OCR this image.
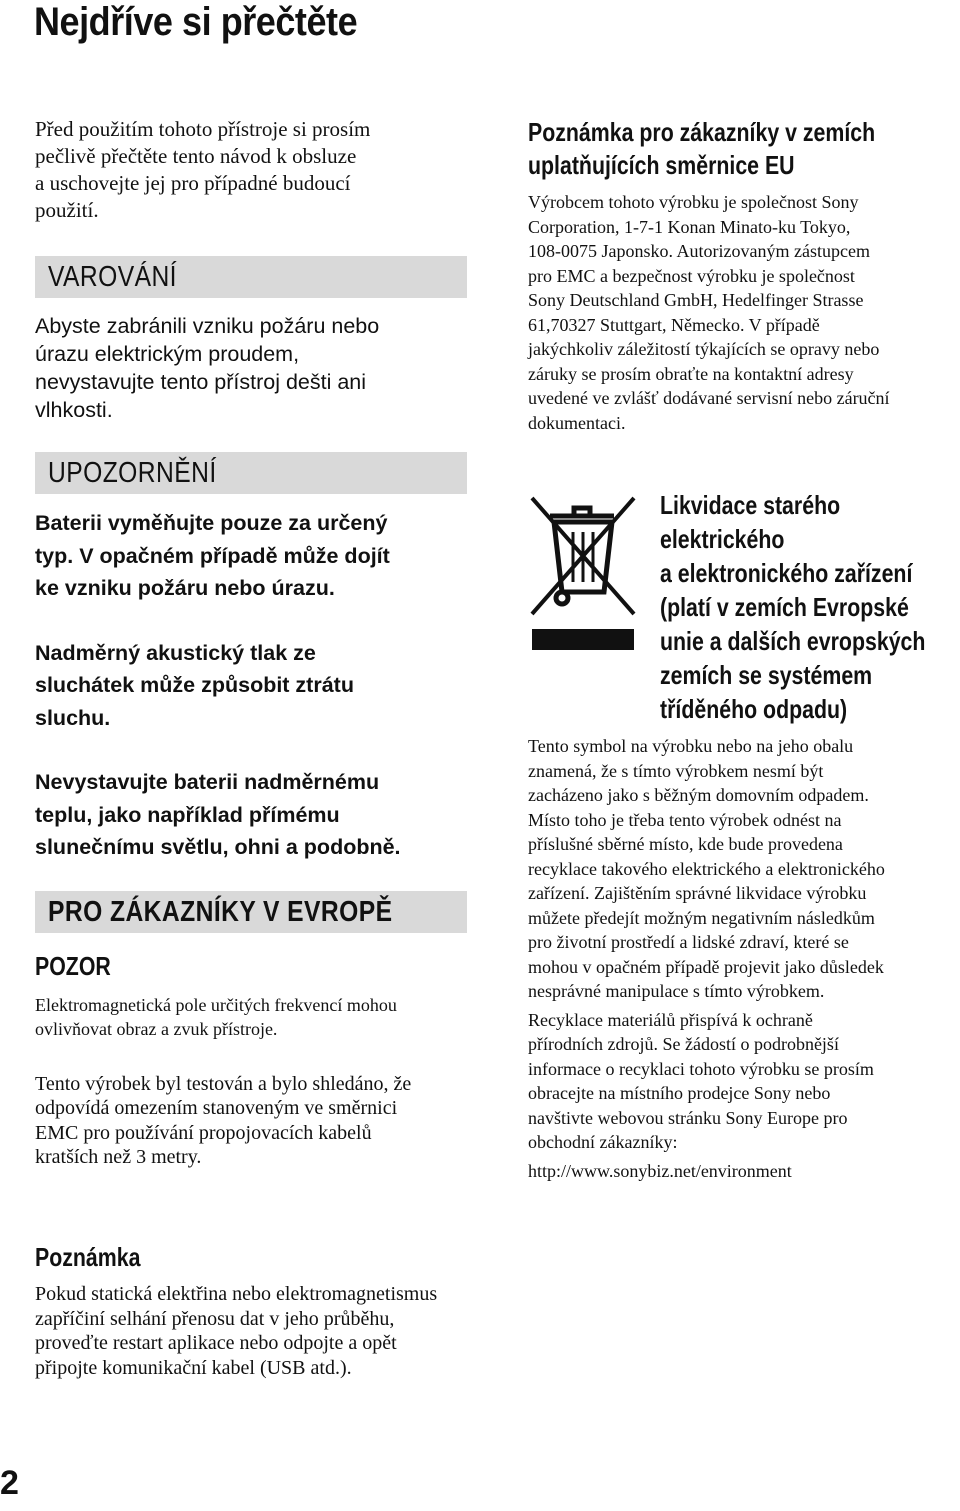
Nejdříve si přečtěte
Před použitím tohoto přístroje si prosím
pečlivě přečtěte tento návod k obsluze
a uschovejte jej pro případné budoucí
použití.
VAROVÁNÍ
Abyste zabránili vzniku požáru nebo
úrazu elektrickým proudem,
nevystavujte tento přístroj dešti ani
vlhkosti.
UPOZORNĚNÍ
Baterii vyměňujte pouze za určený
typ. V opačném případě může dojít
ke vzniku požáru nebo úrazu.
Nadměrný akustický tlak ze
sluchátek může způsobit ztrátu
sluchu.
Nevystavujte baterii nadměrnému
teplu, jako například přímému
slunečnímu světlu, ohni a podobně.
PRO ZÁKAZNÍKY V EVROPĚ
POZOR
Elektromagnetická pole určitých frekvencí mohou
ovlivňovat obraz a zvuk přístroje.
Tento výrobek byl testován a bylo shledáno, že
odpovídá omezením stanoveným ve směrnici
EMC pro používání propojovacích kabelů
kratších než 3 metry.
Poznámka
Pokud statická elektřina nebo elektromagnetismus
zapříčiní selhání přenosu dat v jeho průběhu,
proveďte restart aplikace nebo odpojte a opět
připojte komunikační kabel (USB atd.).
Poznámka pro zákazníky v zemích
uplatňujících směrnice EU
Výrobcem tohoto výrobku je společnost Sony
Corporation, 1-7-1 Konan Minato-ku Tokyo,
108-0075 Japonsko. Autorizovaným zástupcem
pro EMC a bezpečnost výrobku je společnost
Sony Deutschland GmbH, Hedelfinger Strasse
61,70327 Stuttgart, Německo. V případě
jakýchkoliv záležitostí týkajících se opravy nebo
záruky se prosím obraťte na kontaktní adresy
uvedené ve zvlášť dodávané servisní nebo záruční
dokumentaci.
Likvidace starého
elektrického
a elektronického zařízení
(platí v zemích Evropské
unie a dalších evropských
zemích se systémem
tříděného odpadu)
Tento symbol na výrobku nebo na jeho obalu
znamená, že s tímto výrobkem nesmí být
zacházeno jako s běžným domovním odpadem.
Místo toho je třeba tento výrobek odnést na
příslušné sběrné místo, kde bude provedena
recyklace takového elektrického a elektronického
zařízení. Zajištěním správné likvidace výrobku
můžete předejít možným negativním následkům
pro životní prostředí a lidské zdraví, které se
mohou v opačném případě projevit jako důsledek
nesprávné manipulace s tímto výrobkem.
Recyklace materiálů přispívá k ochraně
přírodních zdrojů. Se žádostí o podrobnější
informace o recyklaci tohoto výrobku se prosím
obracejte na místního prodejce Sony nebo
navštivte webovou stránku Sony Europe pro
obchodní zákazníky:
http://www.sonybiz.net/environment
2
